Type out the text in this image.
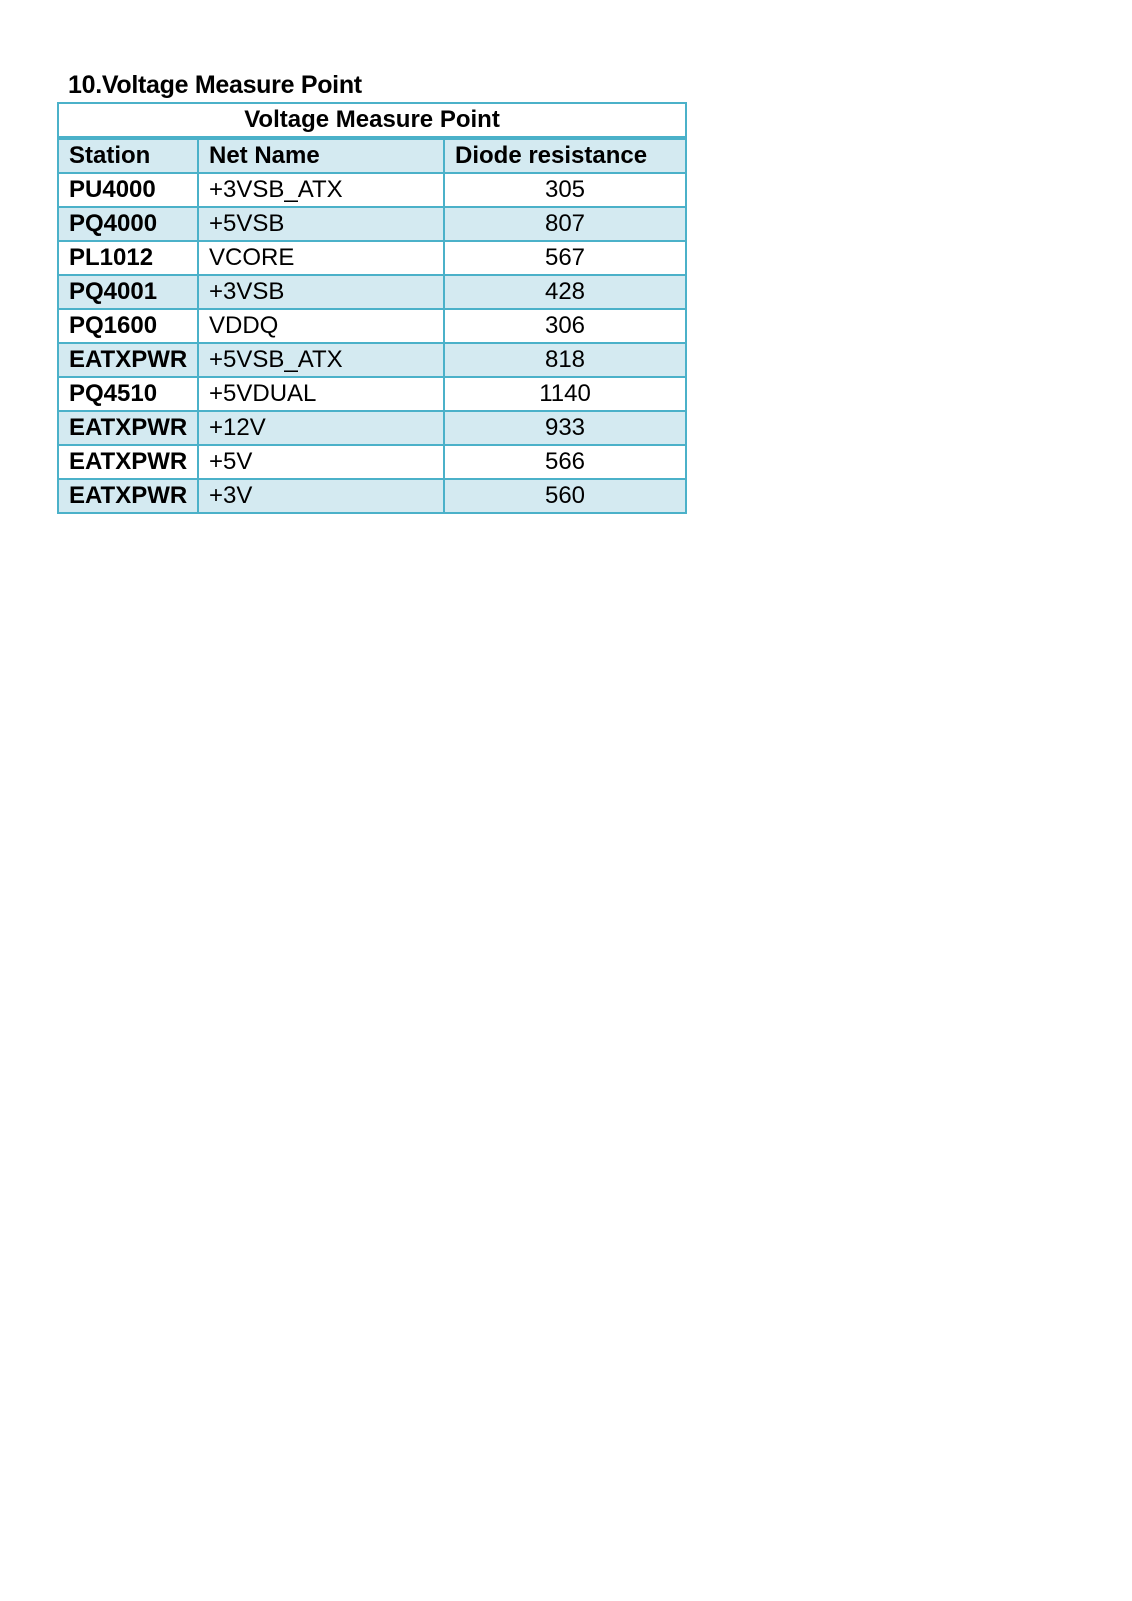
10.Voltage Measure Point
Voltage Measure Point		
Station	Net Name	Diode resistance
PU4000	+3VSB_ATX	305
PQ4000	+5VSB	807
PL1012	VCORE	567
PQ4001	+3VSB	428
PQ1600	VDDQ	306
EATXPWR	+5VSB_ATX	818
PQ4510	+5VDUAL	1140
EATXPWR	+12V	933
EATXPWR	+5V	566
EATXPWR	+3V	560
